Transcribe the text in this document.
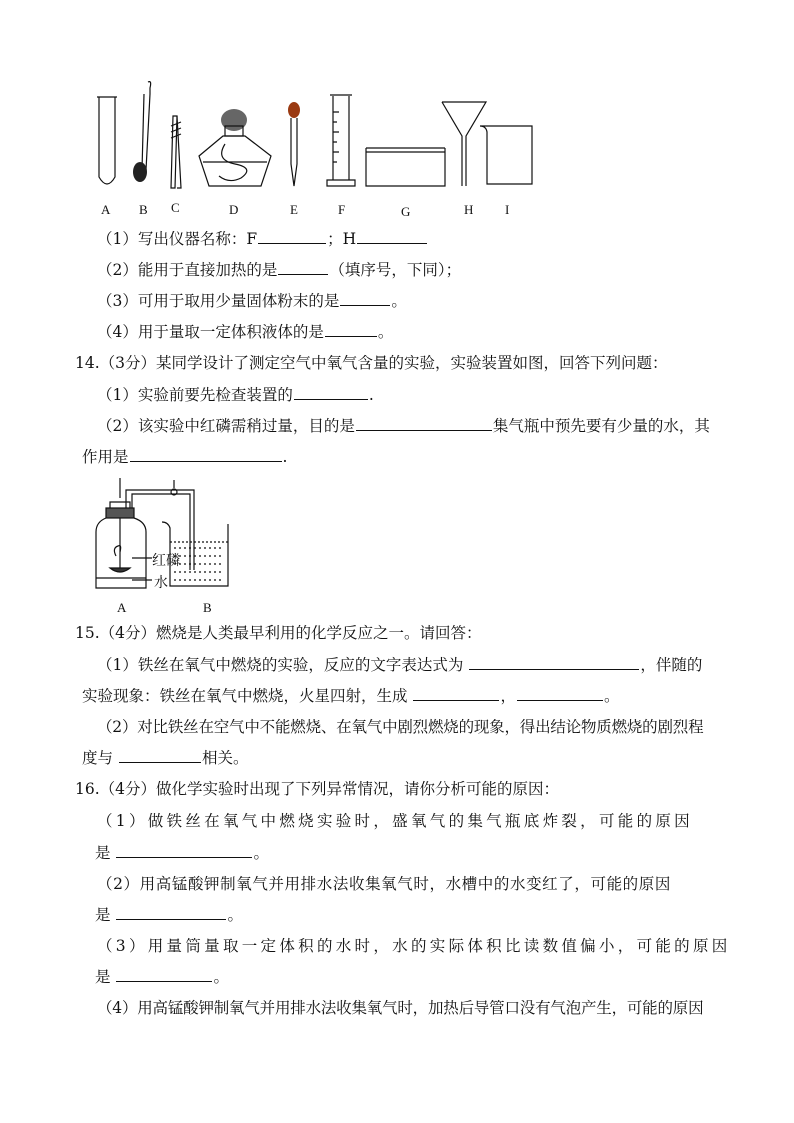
A B C	D	E	F	G	H I
（1）写出仪器名称：F	；H
（2）能用于直接加热的是	（填序号，下同）；
（3）可用于取用少量固体粉末的是	。
（4）用于量取一定体积液体的是	。
14.（3分）某同学设计了测定空气中氧气含量的实验，实验装置如图，回答下列问题：
（1）实验前要先检查装置的	.
（2）该实验中红磷需稍过量，目的是	集气瓶中预先要有少量的水，其
作用是	.
红磷
水
A	B
15.（4分）燃烧是人类最早利用的化学反应之一。请回答：
（1）铁丝在氧气中燃烧的实验，反应的文字表达式为	，伴随的
实验现象：铁丝在氧气中燃烧，火星四射，生成	，	。
（2）对比铁丝在空气中不能燃烧、在氧气中剧烈燃烧的现象，得出结论物质燃烧的剧烈程
度与	相关。
16.（4分）做化学实验时出现了下列异常情况，请你分析可能的原因：
（1）做铁丝在氧气中燃烧实验时，盛氧气的集气瓶底炸裂，可能的原因
是	。
（2）用高锰酸钾制氧气并用排水法收集氧气时，水槽中的水变红了，可能的原因
是	。
（3）用量筒量取一定体积的水时，水的实际体积比读数值偏小，可能的原因
是	。
（4）用高锰酸钾制氧气并用排水法收集氧气时，加热后导管口没有气泡产生，可能的原因
